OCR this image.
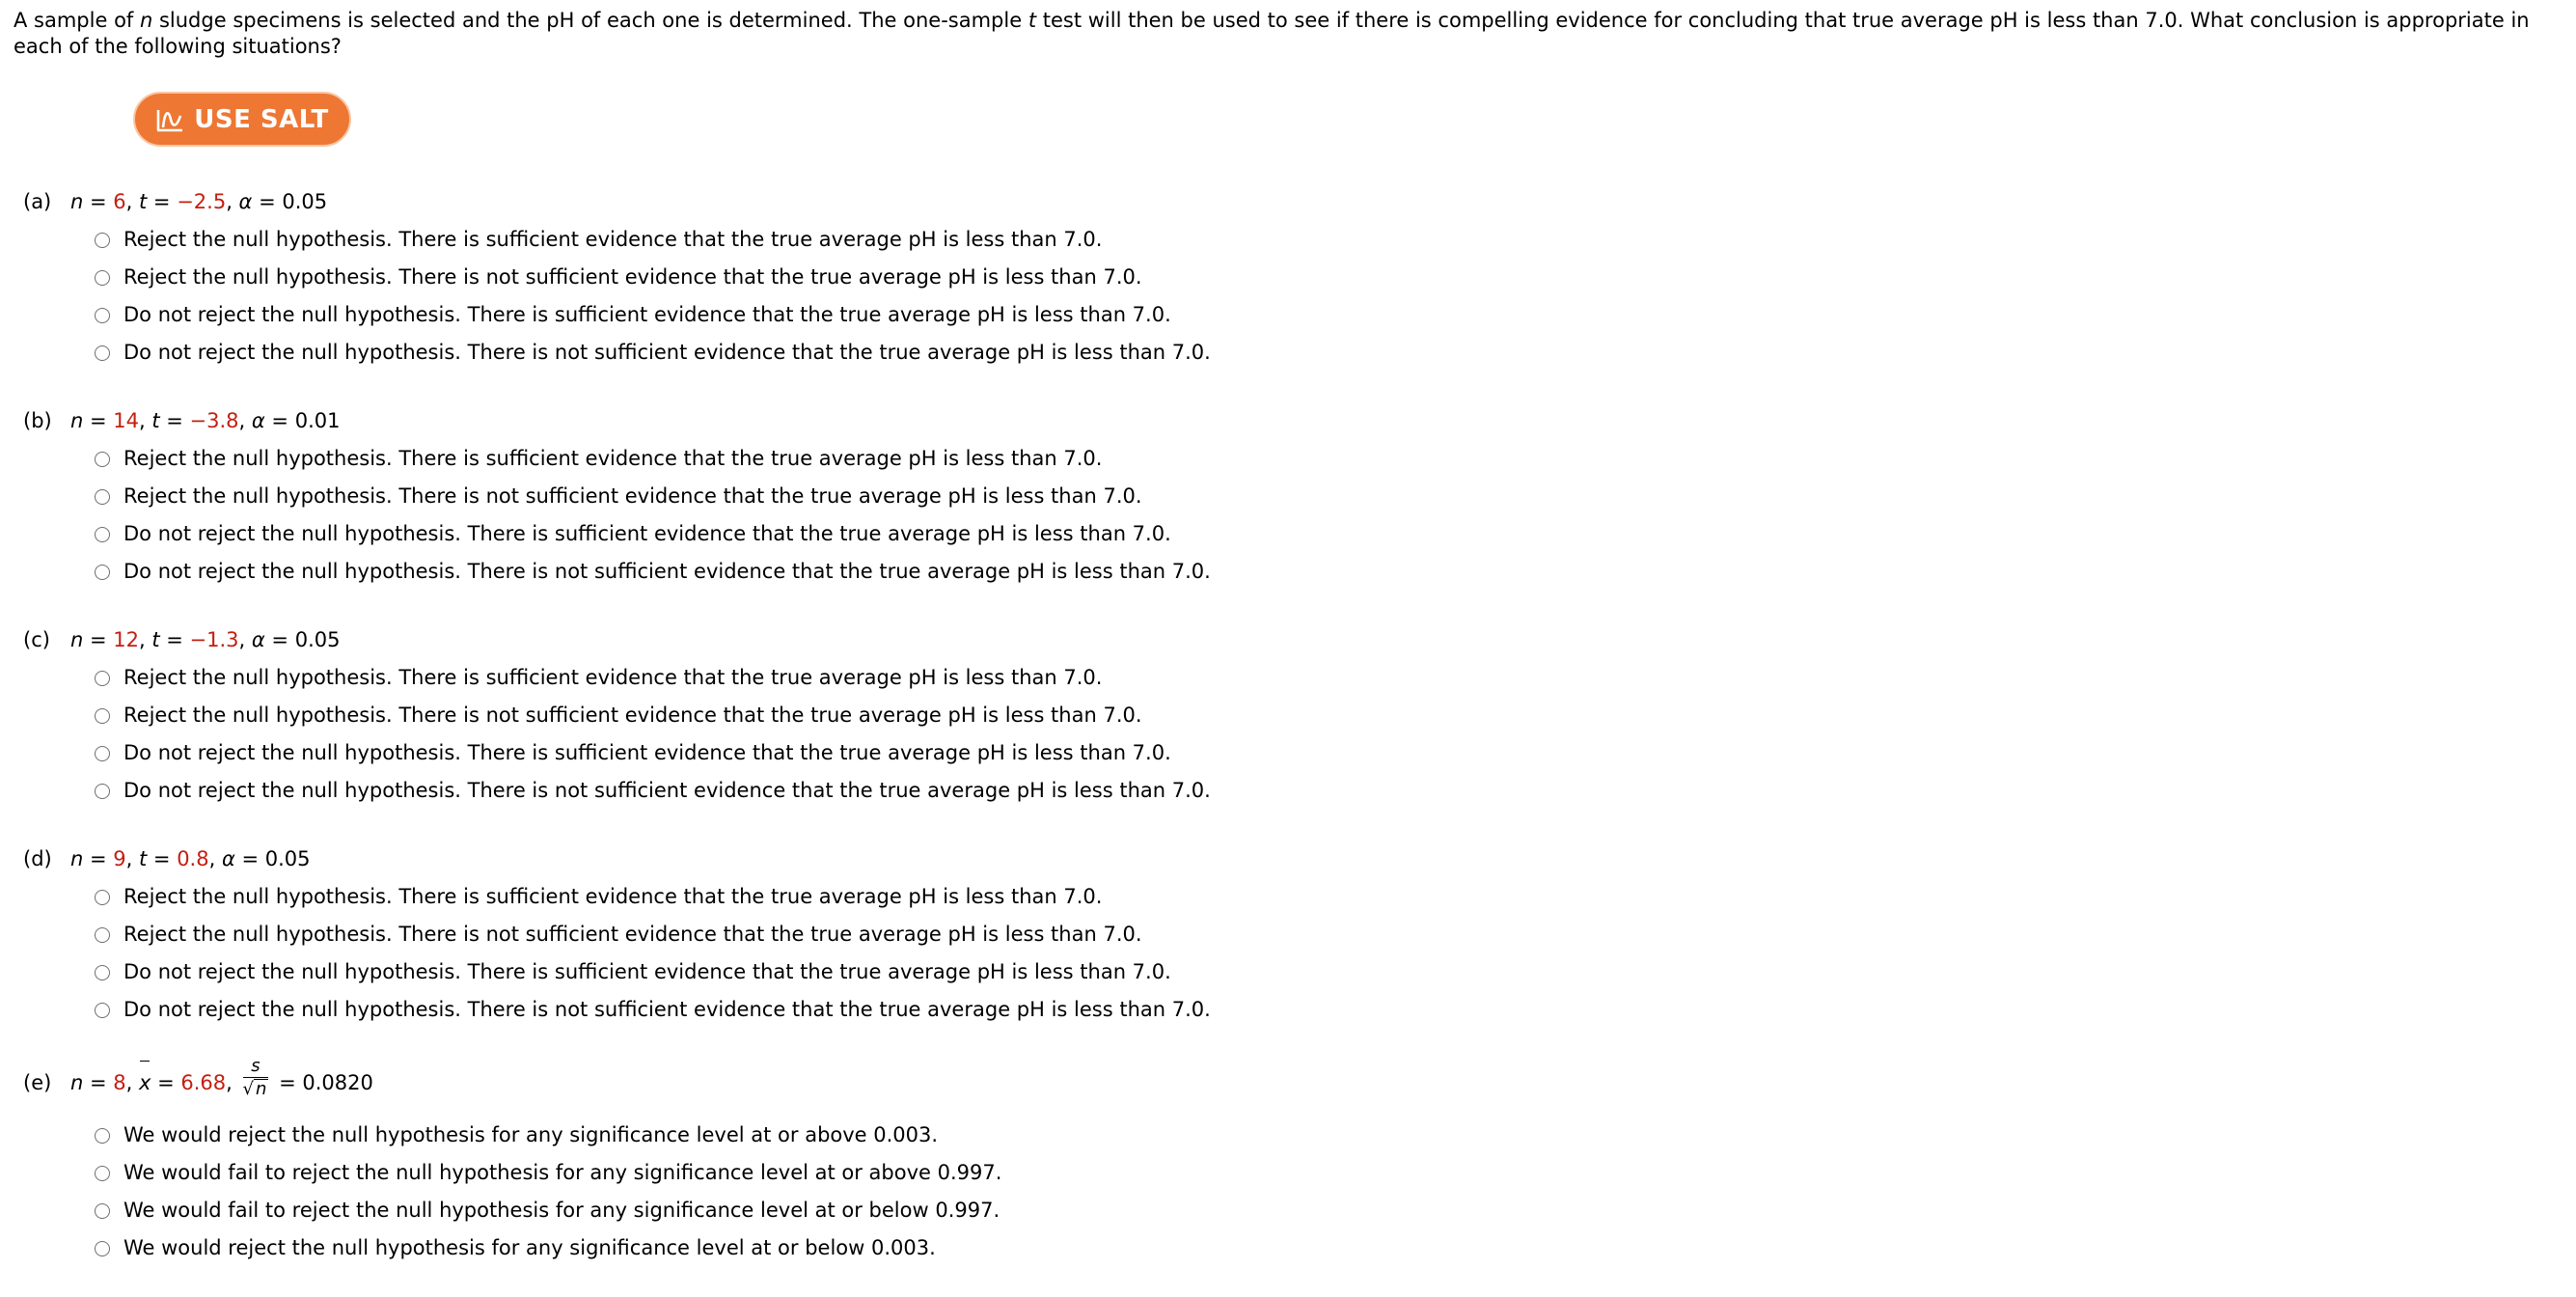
A sample of n sludge specimens is selected and the pH of each one is determined. The one-sample t test will then be used to see if there is compelling evidence for concluding that true average pH is less than 7.0. What conclusion is appropriate in each of the following situations?
USE SALT
(a) n = 6, t = −2.5, α = 0.05
Reject the null hypothesis. There is sufficient evidence that the true average pH is less than 7.0.
Reject the null hypothesis. There is not sufficient evidence that the true average pH is less than 7.0.
Do not reject the null hypothesis. There is sufficient evidence that the true average pH is less than 7.0.
Do not reject the null hypothesis. There is not sufficient evidence that the true average pH is less than 7.0.
(b) n = 14, t = −3.8, α = 0.01
Reject the null hypothesis. There is sufficient evidence that the true average pH is less than 7.0.
Reject the null hypothesis. There is not sufficient evidence that the true average pH is less than 7.0.
Do not reject the null hypothesis. There is sufficient evidence that the true average pH is less than 7.0.
Do not reject the null hypothesis. There is not sufficient evidence that the true average pH is less than 7.0.
(c) n = 12, t = −1.3, α = 0.05
Reject the null hypothesis. There is sufficient evidence that the true average pH is less than 7.0.
Reject the null hypothesis. There is not sufficient evidence that the true average pH is less than 7.0.
Do not reject the null hypothesis. There is sufficient evidence that the true average pH is less than 7.0.
Do not reject the null hypothesis. There is not sufficient evidence that the true average pH is less than 7.0.
(d) n = 9, t = 0.8, α = 0.05
Reject the null hypothesis. There is sufficient evidence that the true average pH is less than 7.0.
Reject the null hypothesis. There is not sufficient evidence that the true average pH is less than 7.0.
Do not reject the null hypothesis. There is sufficient evidence that the true average pH is less than 7.0.
Do not reject the null hypothesis. There is not sufficient evidence that the true average pH is less than 7.0.
(e) n = 8, x = 6.68, $\frac{s}{√ n} = 0.0820$
We would reject the null hypothesis for any significance level at or above 0.003.
We would fail to reject the null hypothesis for any significance level at or above 0.997.
We would fail to reject the null hypothesis for any significance level at or below 0.997.
We would reject the null hypothesis for any significance level at or below 0.003.
